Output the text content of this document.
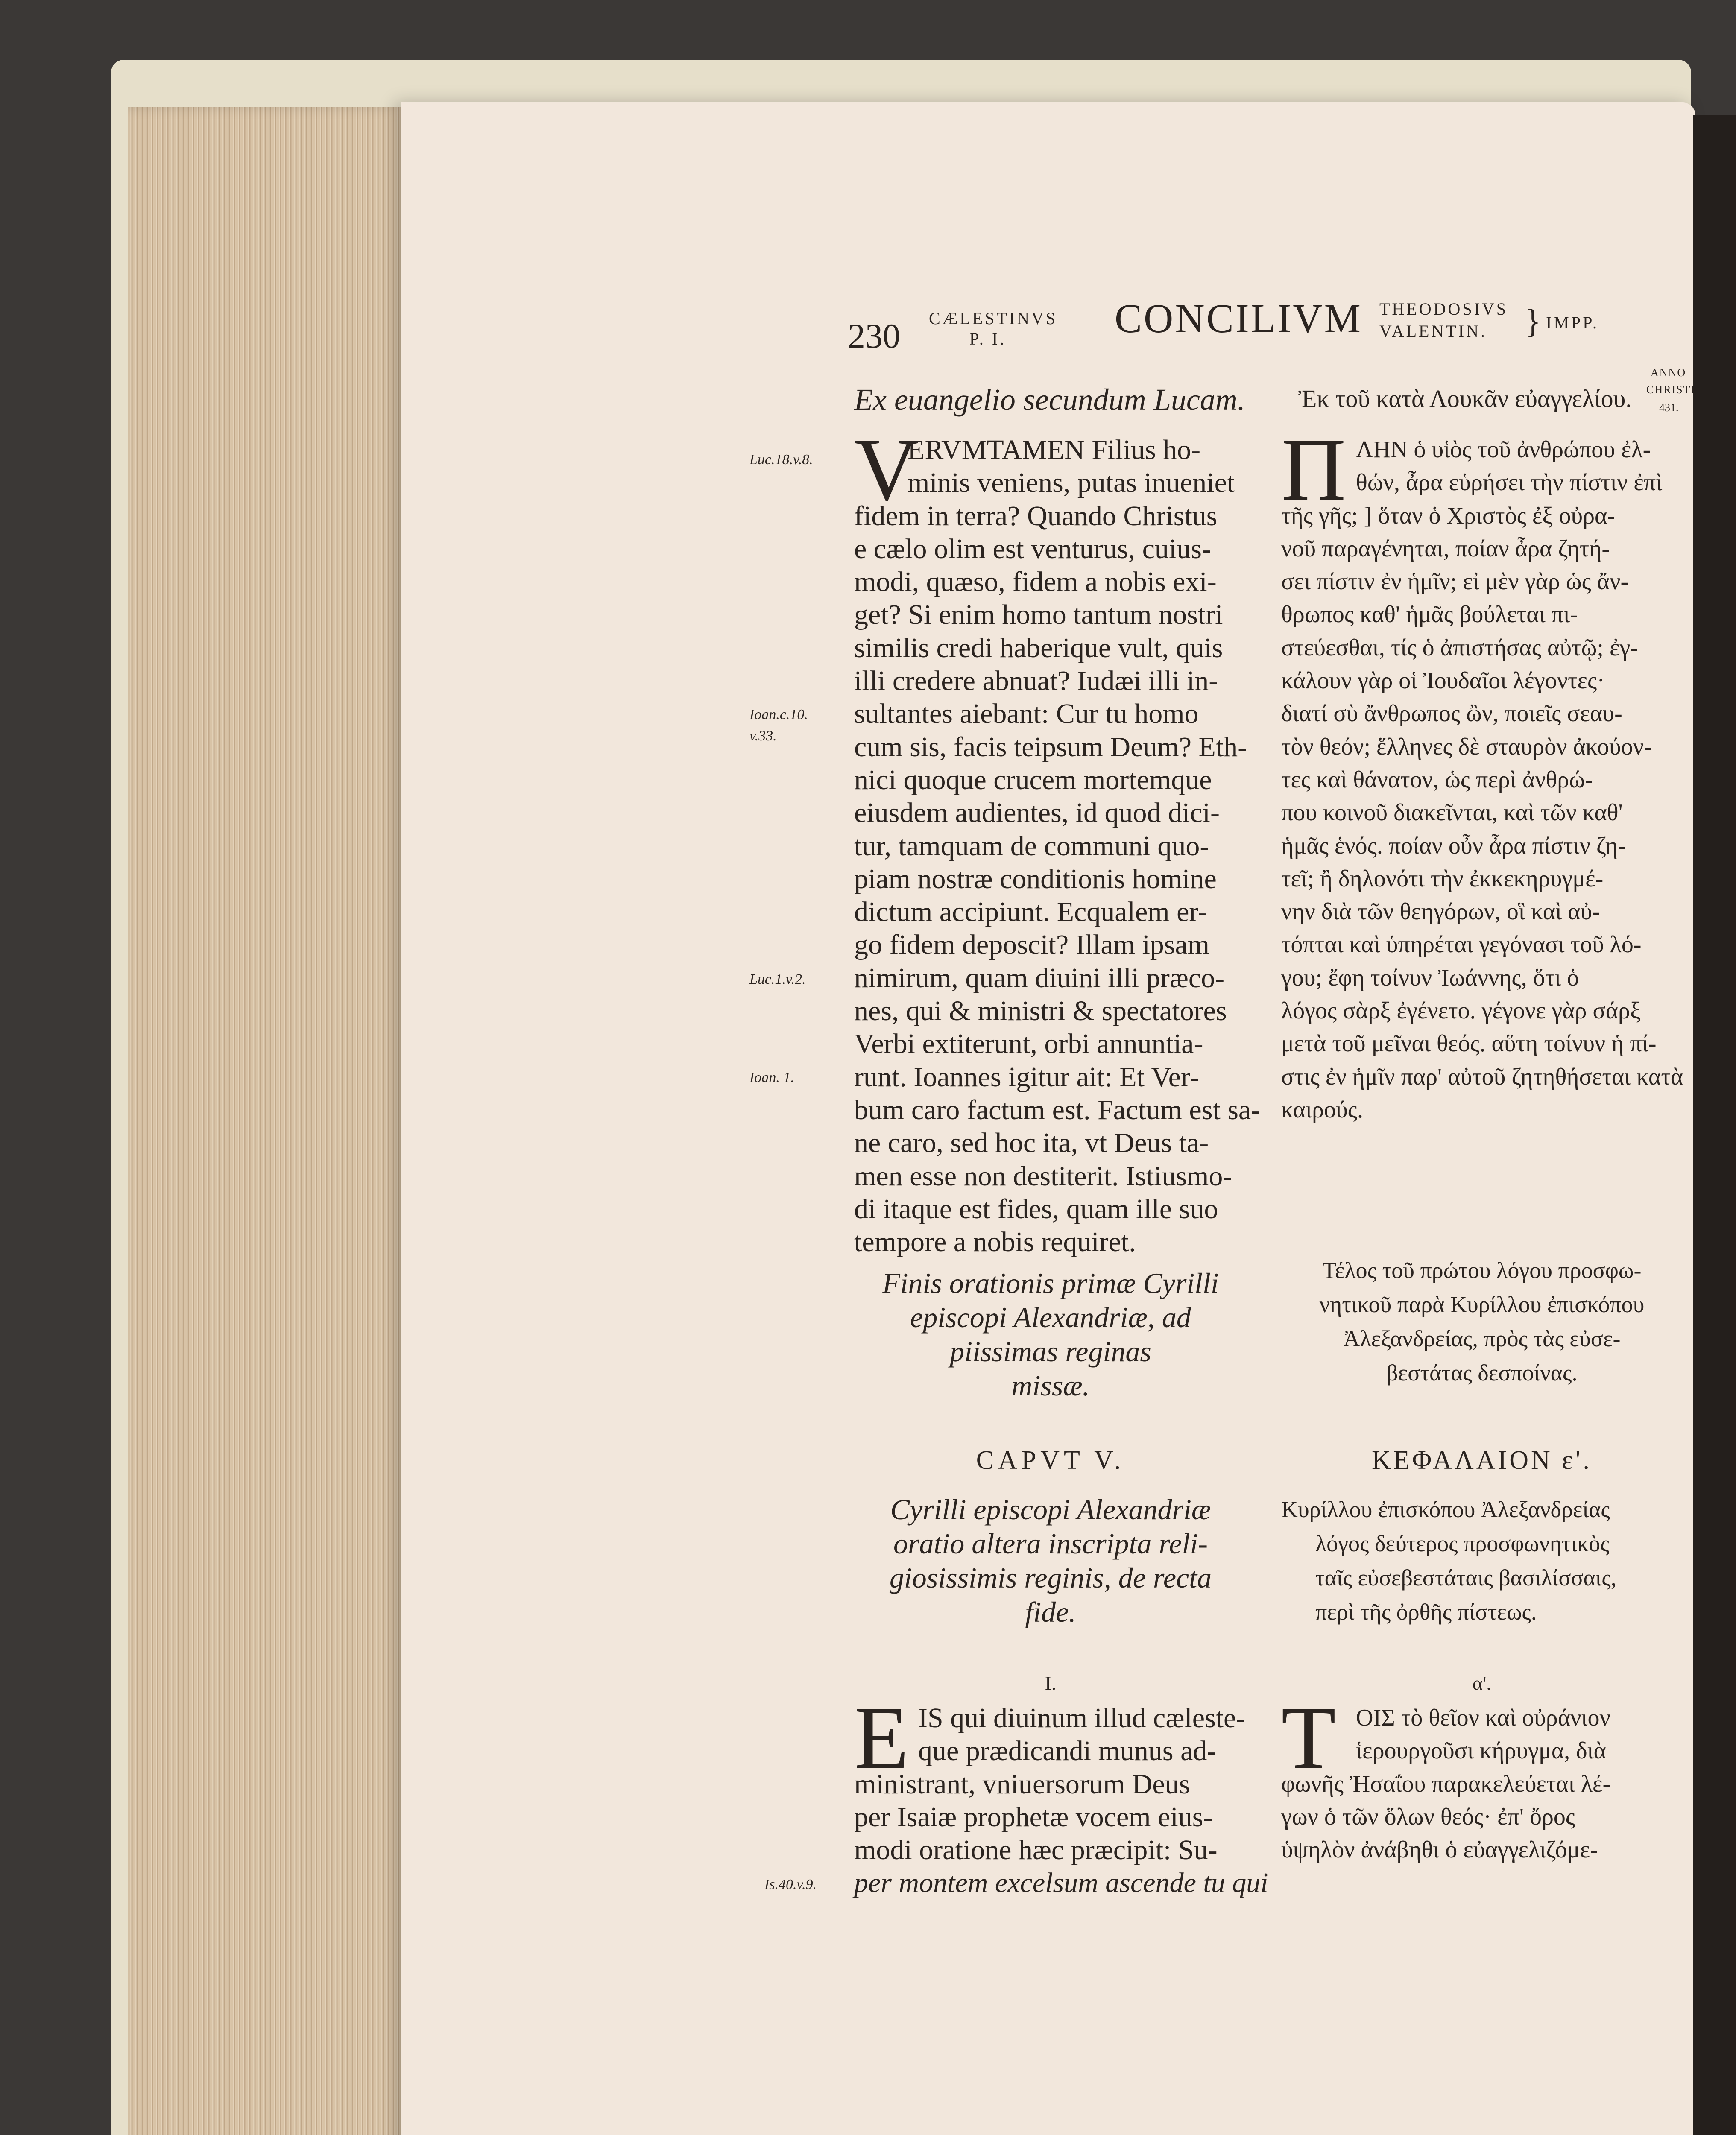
230 CÆLESTINVS
P. I.	CONCILIVM THEODOSIVS
VALENTIN. } IMPP.
ANNO
CHRISTI
431.
Luc.18.v.8.
Ioan.c.10.
v.33.
Luc.1.v.2.
Ioan. 1.
Is.40.v.9.
Ex euangelio secundum Lucam.
V
ERVMTAMEN Filius ho-
minis veniens, putas inueniet
fidem in terra? Quando Christus
e cælo olim est venturus, cuius-
modi, quæso, fidem a nobis exi-
get? Si enim homo tantum nostri
similis credi haberique vult, quis
illi credere abnuat? Iudæi illi in-
sultantes aiebant: Cur tu homo
cum sis, facis teipsum Deum? Eth-
nici quoque crucem mortemque
eiusdem audientes, id quod dici-
tur, tamquam de communi quo-
piam nostræ conditionis homine
dictum accipiunt. Ecqualem er-
go fidem deposcit? Illam ipsam
nimirum, quam diuini illi præco-
nes, qui & ministri & spectatores
Verbi extiterunt, orbi annuntia-
runt. Ioannes igitur ait: Et Ver-
bum caro factum est. Factum est sa-
ne caro, sed hoc ita, vt Deus ta-
men esse non destiterit. Istiusmo-
di itaque est fides, quam ille suo
tempore a nobis requiret.
Finis orationis primæ Cyrilli
episcopi Alexandriæ, ad
piissimas reginas
missæ.
CAPVT V.
Cyrilli episcopi Alexandriæ
oratio altera inscripta reli-
giosissimis reginis, de recta
fide.
I.
E IS qui diuinum illud cæleste-
que prædicandi munus ad-
ministrant, vniuersorum Deus
per Isaiæ prophetæ vocem eius-
modi oratione hæc præcipit: Su-
per montem excelsum ascende tu qui
Ἐκ τοῦ κατὰ Λουκᾶν εὐαγγελίου.
Π ΛΗΝ ὁ υἱὸς τοῦ ἀνθρώπου ἐλ-
θών, ἆρα εὑρήσει τὴν πίστιν ἐπὶ
τῆς γῆς; ] ὅταν ὁ Χριστὸς ἐξ οὐρα-
νοῦ παραγένηται, ποίαν ἆρα ζητή-
σει πίστιν ἐν ἡμῖν; εἰ μὲν γὰρ ὡς ἄν-
θρωπος καθ' ἡμᾶς βούλεται πι-
στεύεσθαι, τίς ὁ ἀπιστήσας αὐτῷ; ἐγ-
κάλουν γὰρ οἱ Ἰουδαῖοι λέγοντες·
διατί σὺ ἄνθρωπος ὢν, ποιεῖς σεαυ-
τὸν θεόν; ἕλληνες δὲ σταυρὸν ἀκούον-
τες καὶ θάνατον, ὡς περὶ ἀνθρώ-
που κοινοῦ διακεῖνται, καὶ τῶν καθ'
ἡμᾶς ἑνός. ποίαν οὖν ἆρα πίστιν ζη-
τεῖ; ἢ δηλονότι τὴν ἐκκεκηρυγμέ-
νην διὰ τῶν θεηγόρων, οἳ καὶ αὐ-
τόπται καὶ ὑπηρέται γεγόνασι τοῦ λό-
γου; ἔφη τοίνυν Ἰωάννης, ὅτι ὁ
λόγος σὰρξ ἐγένετο. γέγονε γὰρ σάρξ
μετὰ τοῦ μεῖναι θεός. αὕτη τοίνυν ἡ πί-
στις ἐν ἡμῖν παρ' αὐτοῦ ζητηθήσεται κατὰ
καιρούς.
Τέλος τοῦ πρώτου λόγου προσφω-
νητικοῦ παρὰ Κυρίλλου ἐπισκόπου
Ἀλεξανδρείας, πρὸς τὰς εὐσε-
βεστάτας δεσποίνας.
ΚΕΦΑΛΑΙΟΝ ε'.
Κυρίλλου ἐπισκόπου Ἀλεξανδρείας
λόγος δεύτερος προσφωνητικὸς
ταῖς εὐσεβεστάταις βασιλίσσαις,
περὶ τῆς ὀρθῆς πίστεως.
α'.
Τ ΟΙΣ τὸ θεῖον καὶ οὐράνιον
ἱερουργοῦσι κήρυγμα, διὰ
φωνῆς Ἠσαΐου παρακελεύεται λέ-
γων ὁ τῶν ὅλων θεός· ἐπ' ὄρος
ὑψηλὸν ἀνάβηθι ὁ εὐαγγελιζόμε-
